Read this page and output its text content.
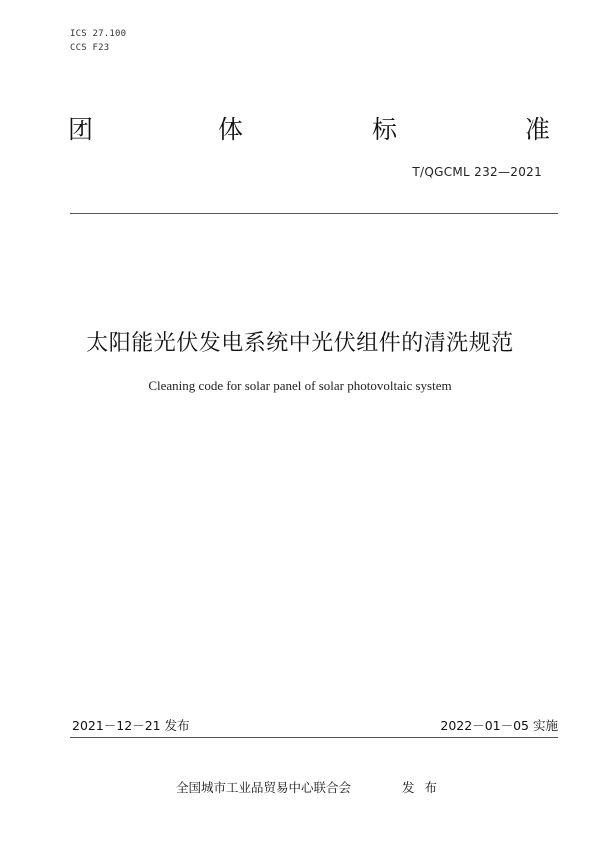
ICS 27.100
CCS F23
团	体	标	准
T/QGCML 232—2021
太阳能光伏发电系统中光伏组件的清洗规范
Cleaning code for solar panel of solar photovoltaic system
2021－12－21 发布	2022－01－05 实施
全国城市工业品贸易中心联合会	发布
